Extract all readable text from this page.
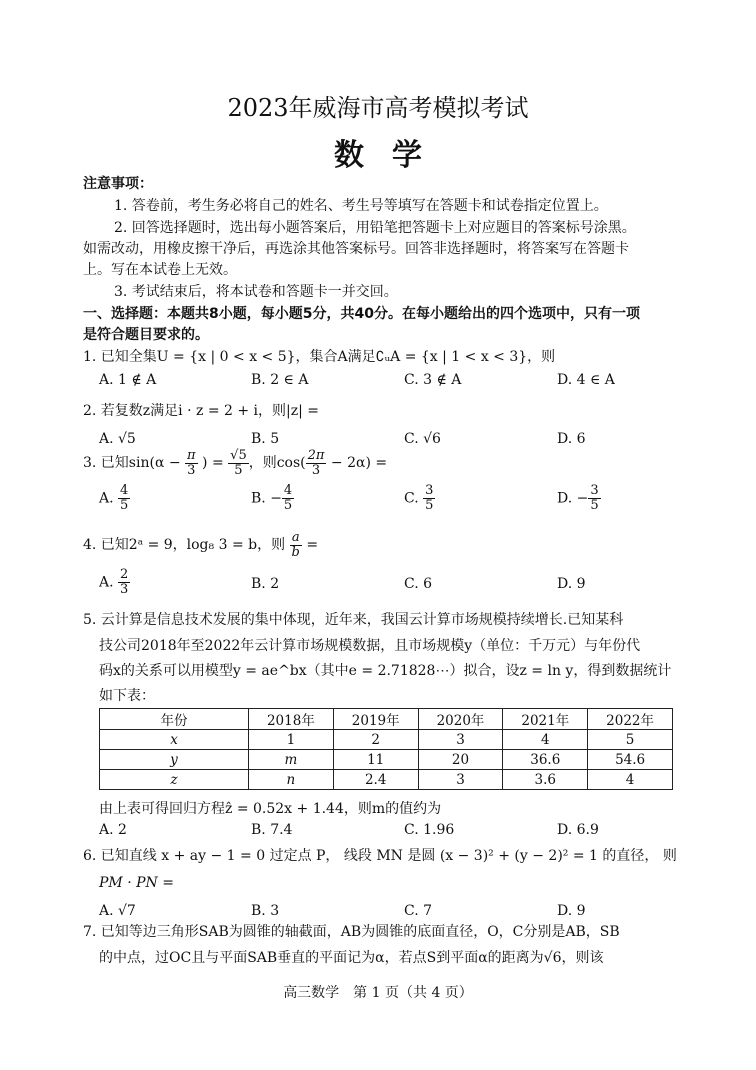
2023年威海市高考模拟考试
数学
注意事项：
1. 答卷前，考生务必将自己的姓名、考生号等填写在答题卡和试卷指定位置上。
2. 回答选择题时，选出每小题答案后，用铅笔把答题卡上对应题目的答案标号涂黑。
如需改动，用橡皮擦干净后，再选涂其他答案标号。回答非选择题时，将答案写在答题卡
上。写在本试卷上无效。
3. 考试结束后，将本试卷和答题卡一并交回。
一、选择题：本题共8小题，每小题5分，共40分。在每小题给出的四个选项中，只有一项
是符合题目要求的。
1. 已知全集U = {x | 0 < x < 5}，集合A满足∁ᵤA = {x | 1 < x < 3}，则
A. 1 ∉ A	B. 2 ∈ A	C. 3 ∉ A	D. 4 ∈ A
2. 若复数z满足i · z = 2 + i，则|z| =
A. √5	B. 5	C. √6	D. 6
3. 已知$\sin(\alpha - \frac{\pi}{3}$ ) = $\frac{√5}{5}$ ，则$\cos( \frac{2\pi}{3} - 2\alpha)$ =
A. $\frac{4}{5}$	B. − $\frac{4}{5}$	C. $\frac{3}{5}$	D. − $\frac{3}{5}$
4. 已知2ᵃ = 9，log₈ 3 = b，则 $\frac{a}{b}$ =
A. $\frac{2}{3}$	B. 2	C. 6	D. 9
5. 云计算是信息技术发展的集中体现，近年来，我国云计算市场规模持续增长.已知某科
技公司2018年至2022年云计算市场规模数据，且市场规模y（单位：千万元）与年份代
码x的关系可以用模型y = ae^bx（其中e = 2.71828⋯）拟合，设z = ln y，得到数据统计
如下表：
年份	2018年	2019年	2020年	2021年	2022年
x	1	2	3	4	5
y	m	11	20	36.6	54.6
z	n	2.4	3	3.6	4
由上表可得回归方程ẑ = 0.52x + 1.44，则m的值约为
A. 2	B. 7.4	C. 1.96	D. 6.9
6. 已知直线 x + ay − 1 = 0 过定点 P， 线段 MN 是圆 (x − 3)² + (y − 2)² = 1 的直径， 则
PM · PN =
A. √7	B. 3	C. 7	D. 9
7. 已知等边三角形SAB为圆锥的轴截面，AB为圆锥的底面直径，O，C分别是AB，SB
的中点，过OC且与平面SAB垂直的平面记为α，若点S到平面α的距离为√6，则该
高三数学　第 1 页（共 4 页）
